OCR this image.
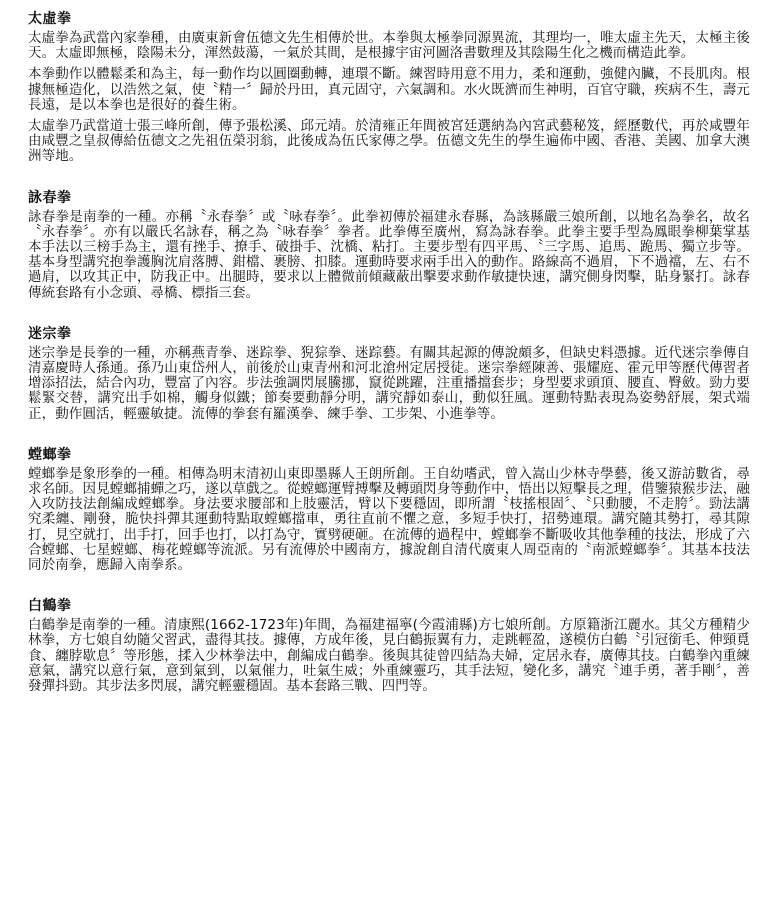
太虛拳

太虛拳為武當內家拳種，由廣東新會伍德文先生相傳於世。本拳與太極拳同源異流，其理均一，唯太虛主先天，太極主後天。太虛即無極，陰陽未分，渾然鼓蕩，一氣於其間，是根據宇宙河圖洛書數理及其陰陽生化之機而構造此拳。

本拳動作以體鬆柔和為主，每一動作均以圓圈動轉，連環不斷。練習時用意不用力，柔和運動，強健內臟，不長肌肉。根據無極造化，以浩然之氣，使〝精一〞歸於丹田，真元固守，六氣調和。水火既濟而生神明，百官守職，疾病不生，壽元長遠，是以本拳也是很好的養生術。

太虛拳乃武當道士張三峰所創，傳予張松溪、邱元靖。於清雍正年間被宮廷選納為內宮武藝秘笈，經歷數代，再於咸豐年由咸豐之皇叔傳給伍德文之先祖伍榮羽翁，此後成為伍氏家傳之學。伍德文先生的學生遍佈中國、香港、美國、加拿大澳洲等地。

詠春拳

詠春拳是南拳的一種。亦稱〝永春拳〞或〝咏春拳〞。此拳初傳於福建永春縣，為該縣嚴三娘所創，以地名為拳名，故名〝永春拳〞。亦有以嚴氏名詠春，稱之為〝咏春拳〞拳者。此拳傳至廣州，寫為詠春拳。此拳主要手型為鳳眼拳柳葉掌基本手法以三榜手為主，還有挫手、撩手、破掛手、沈橋、粘打。主要步型有四平馬、〝三字馬、追馬、跪馬、獨立步等。基本身型講究抱拳護胸沈肩落膊、鉗檔、裹膀、扣膝。運動時要求兩手出入的動作。路線高不過眉，下不過襠，左、右不過肩，以攻其正中，防我正中。出腿時，要求以上體微前傾藏蔽出擊要求動作敏捷快速，講究側身閃擊，貼身緊打。詠春傳統套路有小念頭、尋橋、標指三套。

迷宗拳

迷宗拳是長拳的一種，亦稱燕青拳、迷踪拳、猊猔拳、迷踪藝。有關其起源的傳說頗多，但缺史料憑據。近代迷宗拳傳自清嘉慶時人孫通。孫乃山東岱州人，前後於山東青州和河北滄州定居授徒。迷宗拳經陳善、張耀庭、霍元甲等歷代傳習者增添招法，結合內功，豐富了內容。步法強調閃展騰挪，竄從跳躍，注重播擋套步；身型要求頭頂、腰直、臀斂。勁力要鬆緊交替，講究出手如棉，觸身似鐵；節奏要動靜分明，講究靜如泰山，動似狂風。運動特點表現為姿勢舒展，架式端正，動作圓活，輕靈敏捷。流傳的拳套有羅漢拳、練手拳、工步架、小進拳等。

螳螂拳

螳螂拳是象形拳的一種。相傳為明末清初山東即墨縣人王朗所創。王自幼嗜武，曾入嵩山少林寺學藝，後又游訪數省，尋求名師。因見螳螂捕蟬之巧，遂以草戲之。從螳螂運臂搏擊及轉頭閃身等動作中，悟出以短擊長之理，借鑒猿猴步法，融入攻防技法創編成螳螂拳。身法要求腰部和上肢靈活，臂以下要穩固，即所謂〝枝搖根固〞、〝只動腰，不走胯〞。勁法講究柔纏、剛發，脆快抖彈其運動特點取螳螂擋車，勇往直前不懼之意，多短手快打，招勢連環。講究隨其勢打，尋其隙打，見空就打，出手打，回手也打，以打為守，實劈硬砸。在流傳的過程中，螳螂拳不斷吸收其他拳種的技法，形成了六合螳螂、七星螳螂、梅花螳螂等流派。另有流傳於中國南方，據說創自清代廣東人周亞南的〝南派螳螂拳〞。其基本技法同於南拳，應歸入南拳系。

白鶴拳

白鶴拳是南拳的一種。清康熙(1662-1723年)年間，為福建福寧(今霞浦縣)方七娘所創。方原籍浙江麗水。其父方種精少林拳，方七娘自幼隨父習武，盡得其技。據傳，方成年後，見白鶴振翼有力，走跳輕盈，遂模仿白鶴〝引冠銜毛、伸頸覓食、纏脖歇息〞等形態，揉入少林拳法中，創編成白鶴拳。後與其徒曾四結為夫婦，定居永春，廣傳其技。白鶴拳內重練意氣，講究以意行氣，意到氣到，以氣催力，吐氣生威；外重練靈巧，其手法短，變化多，講究〝連手勇，著手剛〞，善發彈抖勁。其步法多閃展，講究輕靈穩固。基本套路三戰、四門等。
